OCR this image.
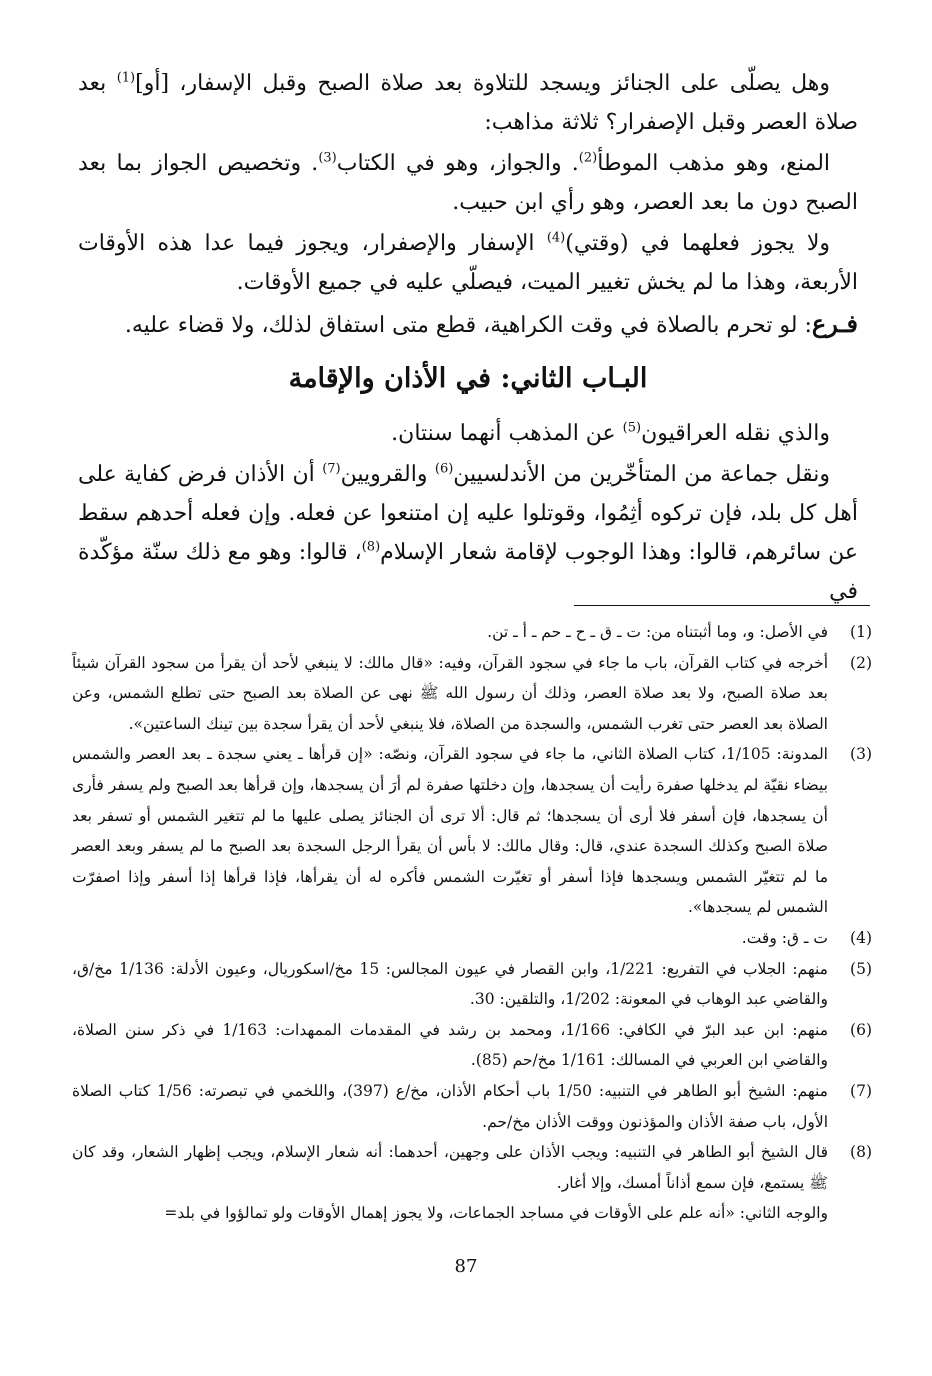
وهل يصلّى على الجنائز ويسجد للتلاوة بعد صلاة الصبح وقبل الإسفار، [أو]$^{(1)}$ بعد صلاة العصر وقبل الإصفرار؟ ثلاثة مذاهب:

المنع، وهو مذهب الموطأ$^{(2)}$. والجواز، وهو في الكتاب$^{(3)}$. وتخصيص الجواز بما بعد الصبح دون ما بعد العصر، وهو رأي ابن حبيب.

ولا يجوز فعلهما في (وقتي)$^{(4)}$ الإسفار والإصفرار، ويجوز فيما عدا هذه الأوقات الأربعة، وهذا ما لم يخش تغيير الميت، فيصلّي عليه في جميع الأوقات.

فـرع: لو تحرم بالصلاة في وقت الكراهية، قطع متى استفاق لذلك، ولا قضاء عليه.

البـاب الثاني: في الأذان والإقامة

والذي نقله العراقيون$^{(5)}$ عن المذهب أنهما سنتان.

ونقل جماعة من المتأخّرين من الأندلسيين$^{(6)}$ والقرويين$^{(7)}$ أن الأذان فرض كفاية على أهل كل بلد، فإن تركوه أثِمُوا، وقوتلوا عليه إن امتنعوا عن فعله. وإن فعله أحدهم سقط عن سائرهم، قالوا: وهذا الوجوب لإقامة شعار الإسلام$^{(8)}$، قالوا: وهو مع ذلك سنّة مؤكّدة في

(1)
في الأصل: و، وما أثبتناه من: ت ـ ق ـ ح ـ حم ـ أ ـ تن.
(2)
أخرجه في كتاب القرآن، باب ما جاء في سجود القرآن، وفيه: «قال مالك: لا ينبغي لأحد أن يقرأ من سجود القرآن شيئاً بعد صلاة الصبح، ولا بعد صلاة العصر، وذلك أن رسول الله ﷺ نهى عن الصلاة بعد الصبح حتى تطلع الشمس، وعن الصلاة بعد العصر حتى تغرب الشمس، والسجدة من الصلاة، فلا ينبغي لأحد أن يقرأ سجدة بين تينك الساعتين».
(3)
المدونة: 1/105، كتاب الصلاة الثاني، ما جاء في سجود القرآن، ونصّه: «إن قرأها ـ يعني سجدة ـ بعد العصر والشمس بيضاء نقيّة لم يدخلها صفرة رأيت أن يسجدها، وإن دخلتها صفرة لم أرَ أن يسجدها، وإن قرأها بعد الصبح ولم يسفر فأرى أن يسجدها، فإن أسفر فلا أرى أن يسجدها؛ ثم قال: ألا ترى أن الجنائز يصلى عليها ما لم تتغير الشمس أو تسفر بعد صلاة الصبح وكذلك السجدة عندي، قال: وقال مالك: لا بأس أن يقرأ الرجل السجدة بعد الصبح ما لم يسفر وبعد العصر ما لم تتغيّر الشمس ويسجدها فإذا أسفر أو تغيّرت الشمس فأكره له أن يقرأها، فإذا قرأها إذا أسفر وإذا اصفرّت الشمس لم يسجدها».
(4)
ت ـ ق: وقت.
(5)
منهم: الجلاب في التفريع: 1/221، وابن القصار في عيون المجالس: 15 مخ/اسكوريال، وعيون الأدلة: 1/136 مخ/ق، والقاضي عبد الوهاب في المعونة: 1/202، والتلقين: 30.
(6)
منهم: ابن عبد البرّ في الكافي: 1/166، ومحمد بن رشد في المقدمات الممهدات: 1/163 في ذكر سنن الصلاة، والقاضي ابن العربي في المسالك: 1/161 مخ/حم (85).
(7)
منهم: الشيخ أبو الطاهر في التنبيه: 1/50 باب أحكام الأذان، مخ/ع (397)، واللخمي في تبصرته: 1/56 كتاب الصلاة الأول، باب صفة الأذان والمؤذنون ووقت الأذان مخ/حم.
(8)
قال الشيخ أبو الطاهر في التنبيه: ويجب الأذان على وجهين، أحدهما: أنه شعار الإسلام، ويجب إظهار الشعار، وقد كان ﷺ يستمع، فإن سمع أذاناً أمسك، وإلا أغار.
والوجه الثاني: «أنه علم على الأوقات في مساجد الجماعات، ولا يجوز إهمال الأوقات ولو تمالؤوا في بلد=
87
